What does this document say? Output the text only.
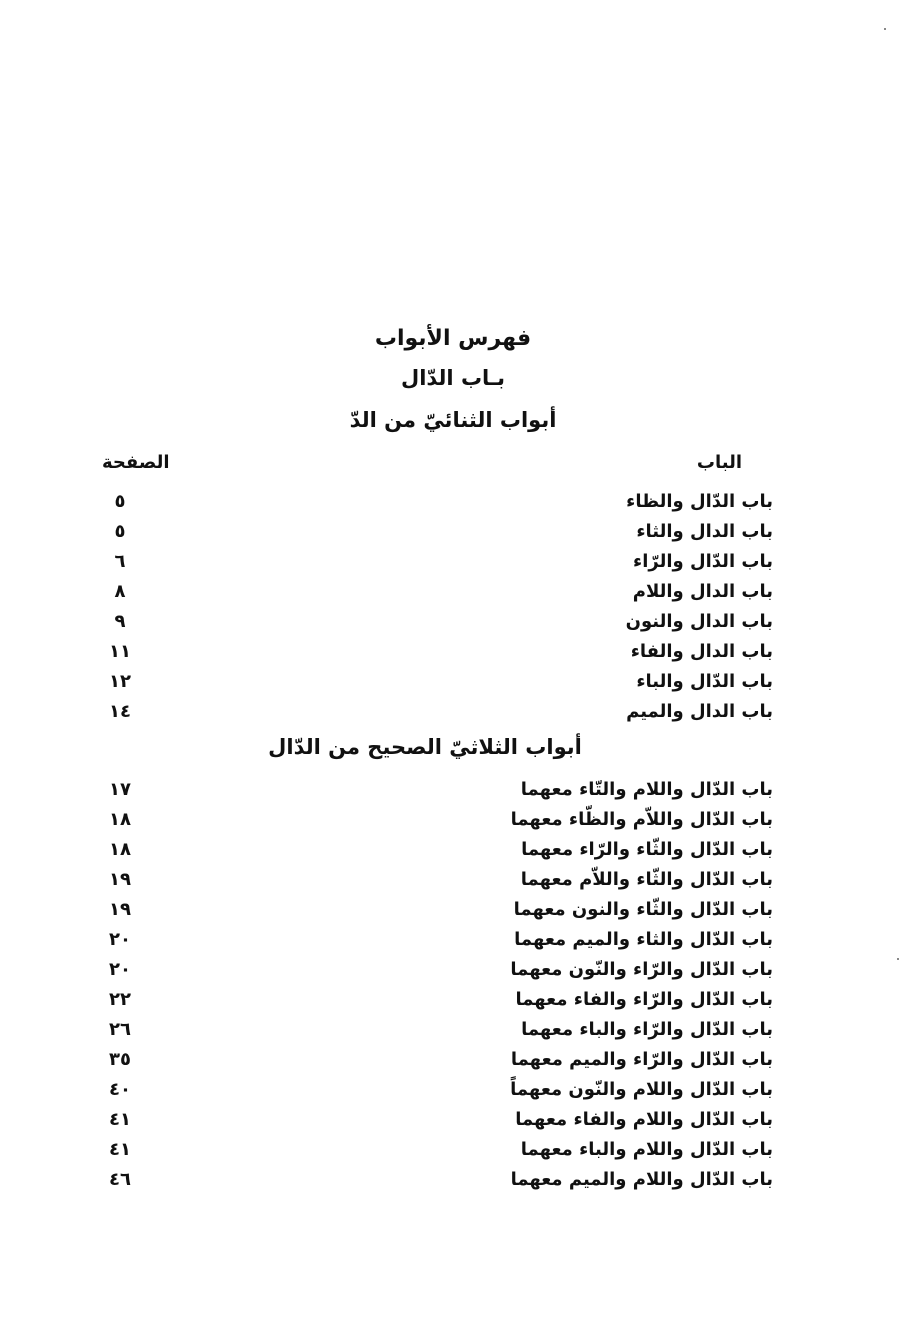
فهرس الأبواب
بـاب الدّال
أبواب الثنائيّ من الدّ
الباب
الصفحة
باب الدّال والظاء
٥
باب الدال والثاء
٥
باب الدّال والرّاء
٦
باب الدال واللام
٨
باب الدال والنون
٩
باب الدال والفاء
١١
باب الدّال والباء
١٢
باب الدال والميم
١٤
أبواب الثلاثيّ الصحيح من الدّال
باب الدّال واللام والتّاء معهما
١٧
باب الدّال واللاّم والظّاء معهما
١٨
باب الدّال والثّاء والرّاء معهما
١٨
باب الدّال والثّاء واللاّم معهما
١٩
باب الدّال والثّاء والنون معهما
١٩
باب الدّال والثاء والميم معهما
٢٠
باب الدّال والرّاء والنّون معهما
٢٠
باب الدّال والرّاء والفاء معهما
٢٢
باب الدّال والرّاء والباء معهما
٢٦
باب الدّال والرّاء والميم معهما
٣٥
باب الدّال واللام والنّون معهماً
٤٠
باب الدّال واللام والفاء معهما
٤١
باب الدّال واللام والباء معهما
٤١
باب الدّال واللام والميم معهما
٤٦
